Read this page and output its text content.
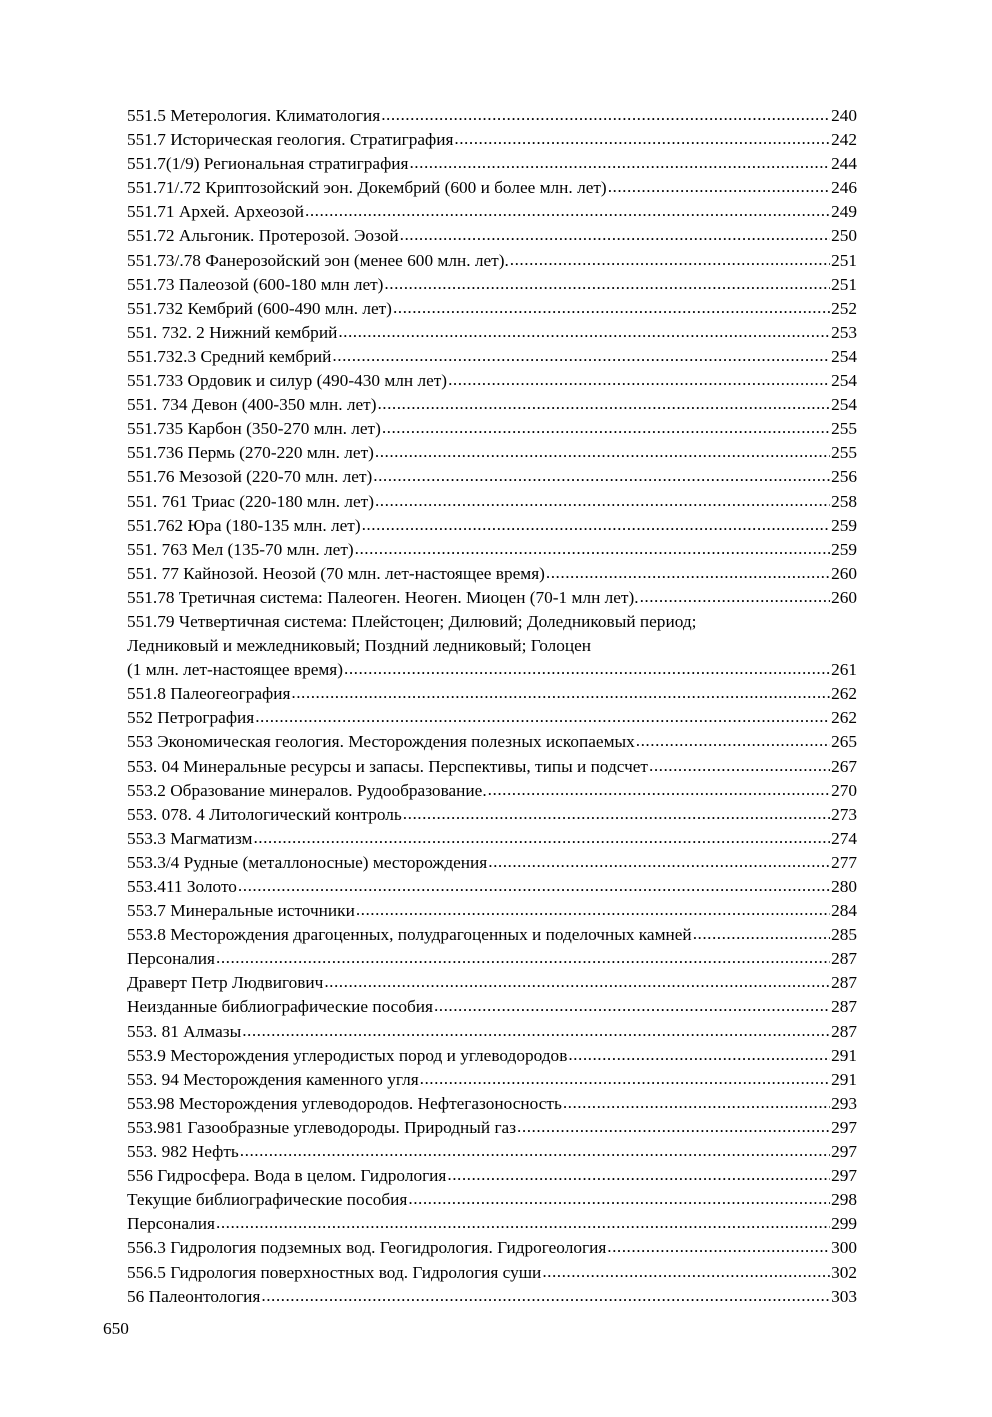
551.5 Метерология. Климатология .....	240
551.7 Историческая геология. Стратиграфия .....	242
551.7(1/9) Региональная стратиграфия .....	244
551.71/.72 Криптозойский эон. Докембрий (600 и более млн. лет) .....	246
551.71 Архей. Археозой .....	249
551.72 Альгоник. Протерозой. Эозой .....	250
551.73/.78 Фанерозойский эон (менее 600 млн. лет). .....	251
551.73 Палеозой (600-180 млн лет) .....	251
551.732 Кембрий (600-490 млн. лет) .....	252
551. 732. 2 Нижний кембрий .....	253
551.732.3 Средний кембрий .....	254
551.733 Ордовик и силур (490-430 млн лет) .....	254
551. 734 Девон (400-350 млн. лет) .....	254
551.735 Карбон (350-270 млн. лет) .....	255
551.736 Пермь (270-220 млн. лет) .....	255
551.76 Мезозой (220-70 млн. лет) .....	256
551. 761 Триас (220-180 млн. лет) .....	258
551.762 Юра (180-135 млн. лет) .....	259
551. 763 Мел (135-70 млн. лет) .....	259
551. 77 Кайнозой. Неозой (70 млн. лет-настоящее время) .....	260
551.78 Третичная система: Палеоген. Неоген. Миоцен (70-1 млн лет). .....	260
551.79 Четвертичная система: Плейстоцен; Дилювий; Доледниковый период;
Ледниковый и межледниковый; Поздний ледниковый; Голоцен
(1 млн. лет-настоящее время) .....	261
551.8 Палеогеография .....	262
552 Петрография .....	262
553 Экономическая геология. Месторождения полезных ископаемых .....	265
553. 04 Минеральные ресурсы и запасы. Перспективы, типы и подсчет .....	267
553.2 Образование минералов. Рудообразование. .....	270
553. 078. 4 Литологический контроль .....	273
553.3 Магматизм .....	274
553.3/4 Рудные (металлоносные) месторождения .....	277
553.411 Золото .....	280
553.7 Минеральные источники .....	284
553.8 Месторождения драгоценных, полудрагоценных и поделочных камней .....	285
Персоналия .....	287
Драверт Петр Людвигович .....	287
Неизданные библиографические пособия .....	287
553. 81 Алмазы .....	287
553.9 Месторождения углеродистых пород и углеводородов .....	291
553. 94 Месторождения каменного угля .....	291
553.98 Месторождения углеводородов. Нефтегазоносность .....	293
553.981 Газообразные углеводороды. Природный газ .....	297
553. 982 Нефть .....	297
556 Гидросфера. Вода в целом. Гидрология .....	297
Текущие библиографические пособия .....	298
Персоналия .....	299
556.3 Гидрология подземных вод. Геогидрология. Гидрогеология .....	300
556.5 Гидрология поверхностных вод. Гидрология суши .....	302
56 Палеонтология .....	303
650
